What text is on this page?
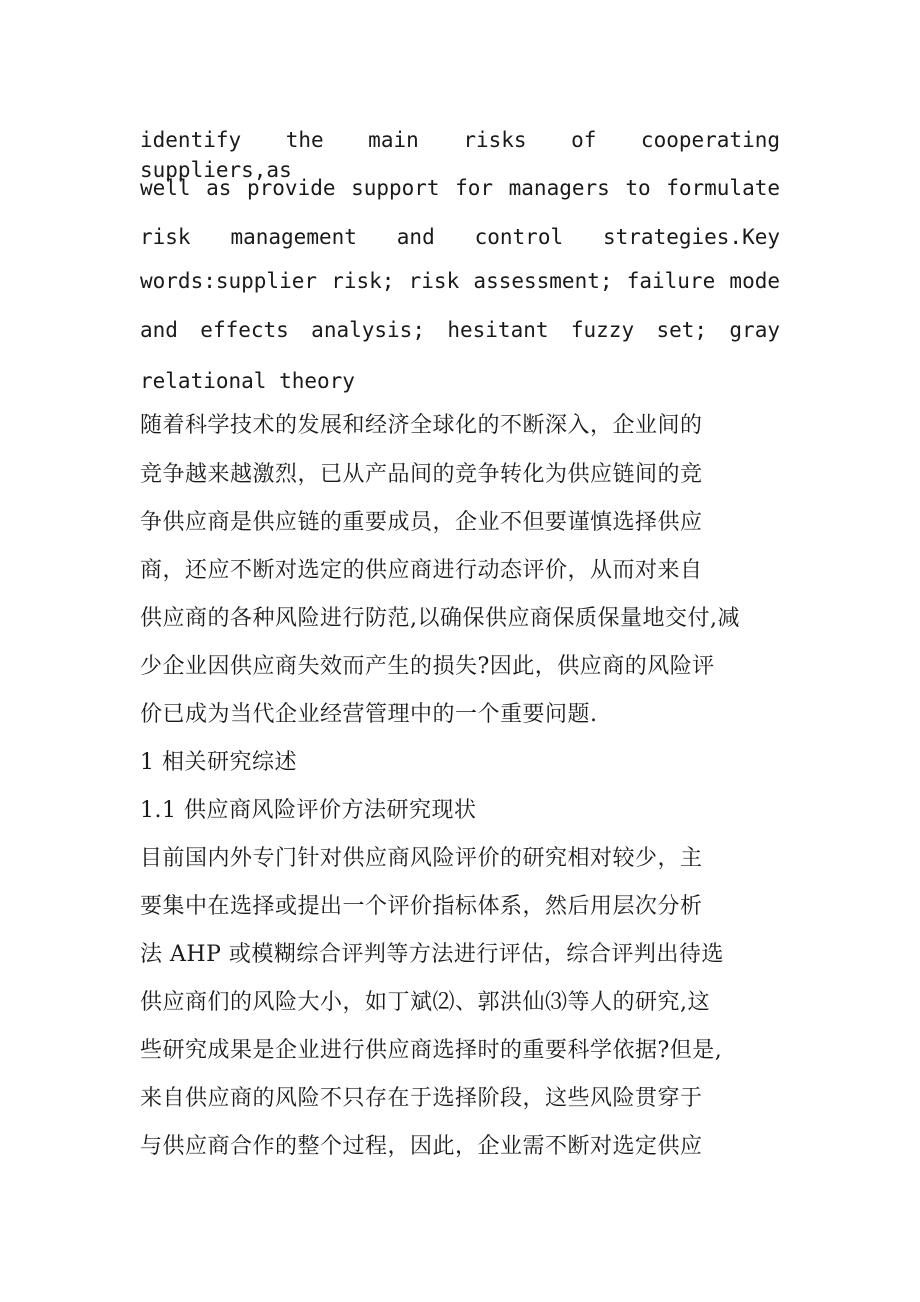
identify the main risks of cooperating suppliers,as
well as provide support for managers to formulate
risk management and control strategies.Key
words:supplier risk; risk assessment; failure mode
and effects analysis; hesitant fuzzy set; gray
relational theory
随着科学技术的发展和经济全球化的不断深入，企业间的
竞争越来越激烈，已从产品间的竞争转化为供应链间的竞
争供应商是供应链的重要成员，企业不但要谨慎选择供应
商，还应不断对选定的供应商进行动态评价，从而对来自
供应商的各种风险进行防范,以确保供应商保质保量地交付,减
少企业因供应商失效而产生的损失?因此，供应商的风险评
价已成为当代企业经营管理中的一个重要问题.
1 相关研究综述
1.1 供应商风险评价方法研究现状
目前国内外专门针对供应商风险评价的研究相对较少，主
要集中在选择或提出一个评价指标体系，然后用层次分析
法 AHP 或模糊综合评判等方法进行评估，综合评判出待选
供应商们的风险大小，如丁斌⑵、郭洪仙⑶等人的研究,这
些研究成果是企业进行供应商选择时的重要科学依据?但是,
来自供应商的风险不只存在于选择阶段，这些风险贯穿于
与供应商合作的整个过程，因此，企业需不断对选定供应
